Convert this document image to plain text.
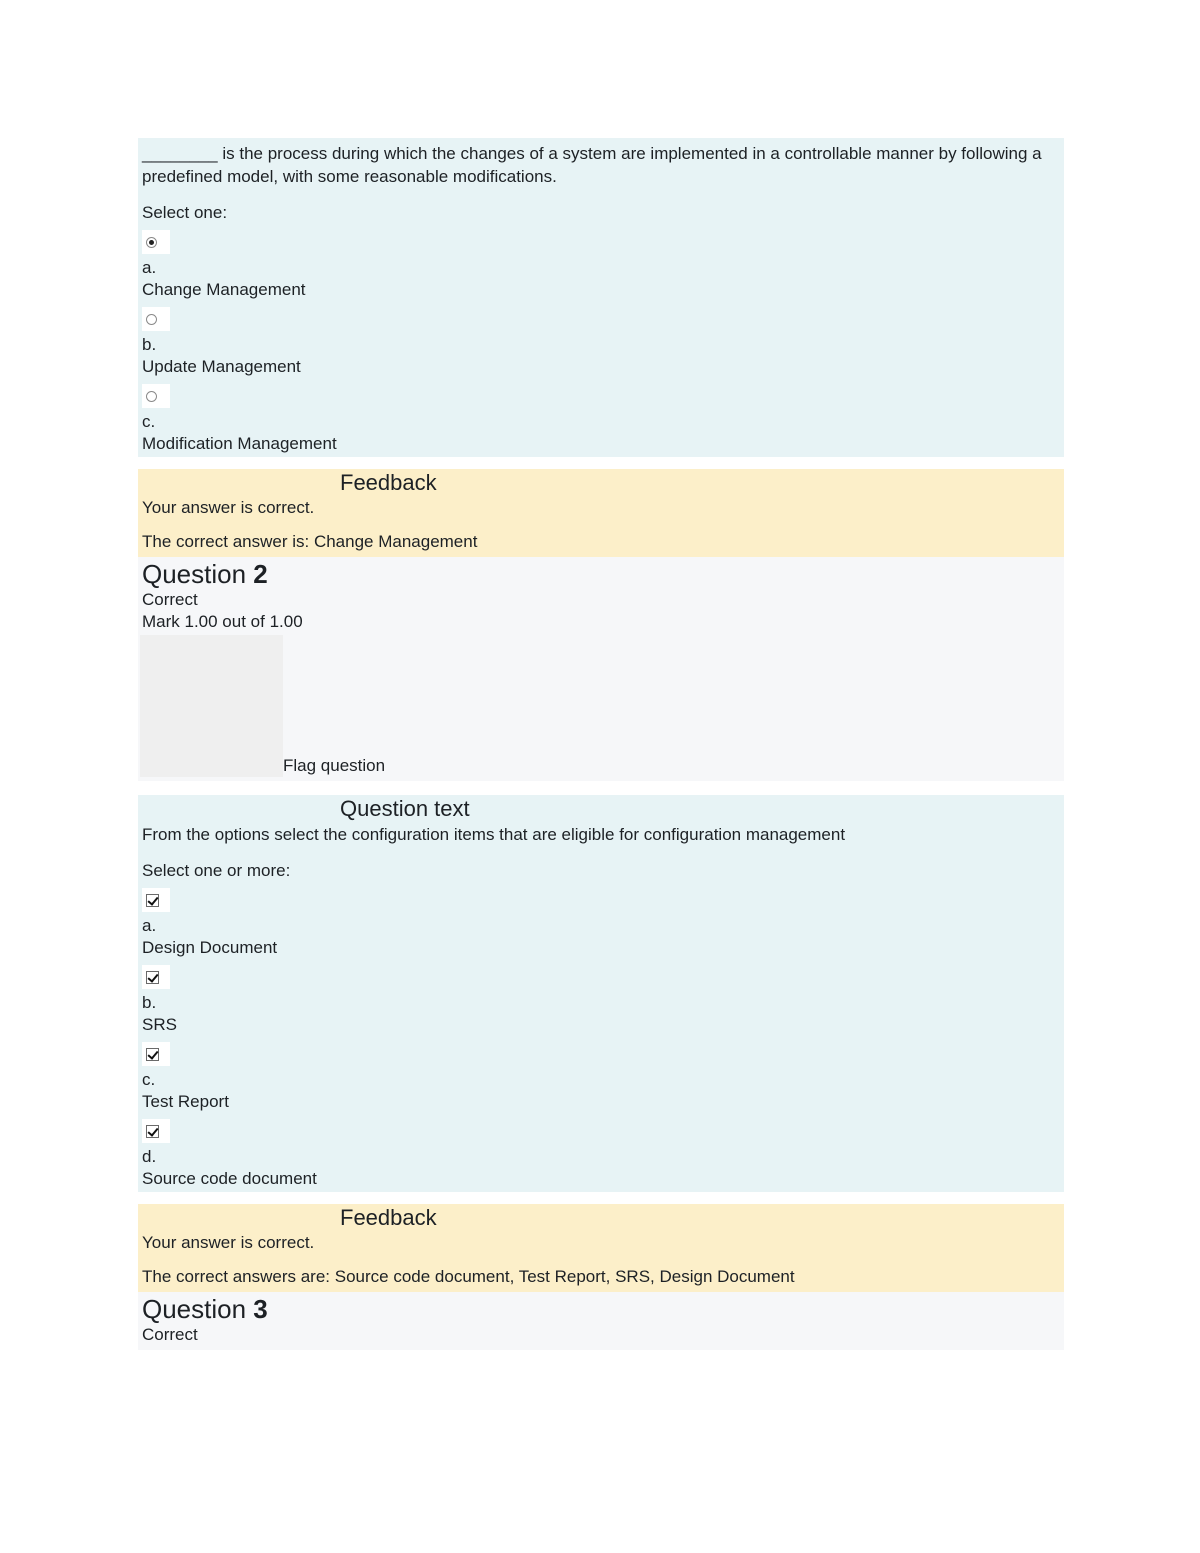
________ is the process during which the changes of a system are implemented in a controllable manner by following a predefined model, with some reasonable modifications.

Select one:
a.
Change Management
b.
Update Management
c.
Modification Management
Feedback
Your answer is correct.
The correct answer is: Change Management
Question 2
Correct
Mark 1.00 out of 1.00
Flag question
Question text

From the options select the configuration items that are eligible for configuration management

Select one or more:
a.
Design Document
b.
SRS
c.
Test Report
d.
Source code document
Feedback
Your answer is correct.
The correct answers are: Source code document, Test Report, SRS, Design Document
Question 3
Correct
